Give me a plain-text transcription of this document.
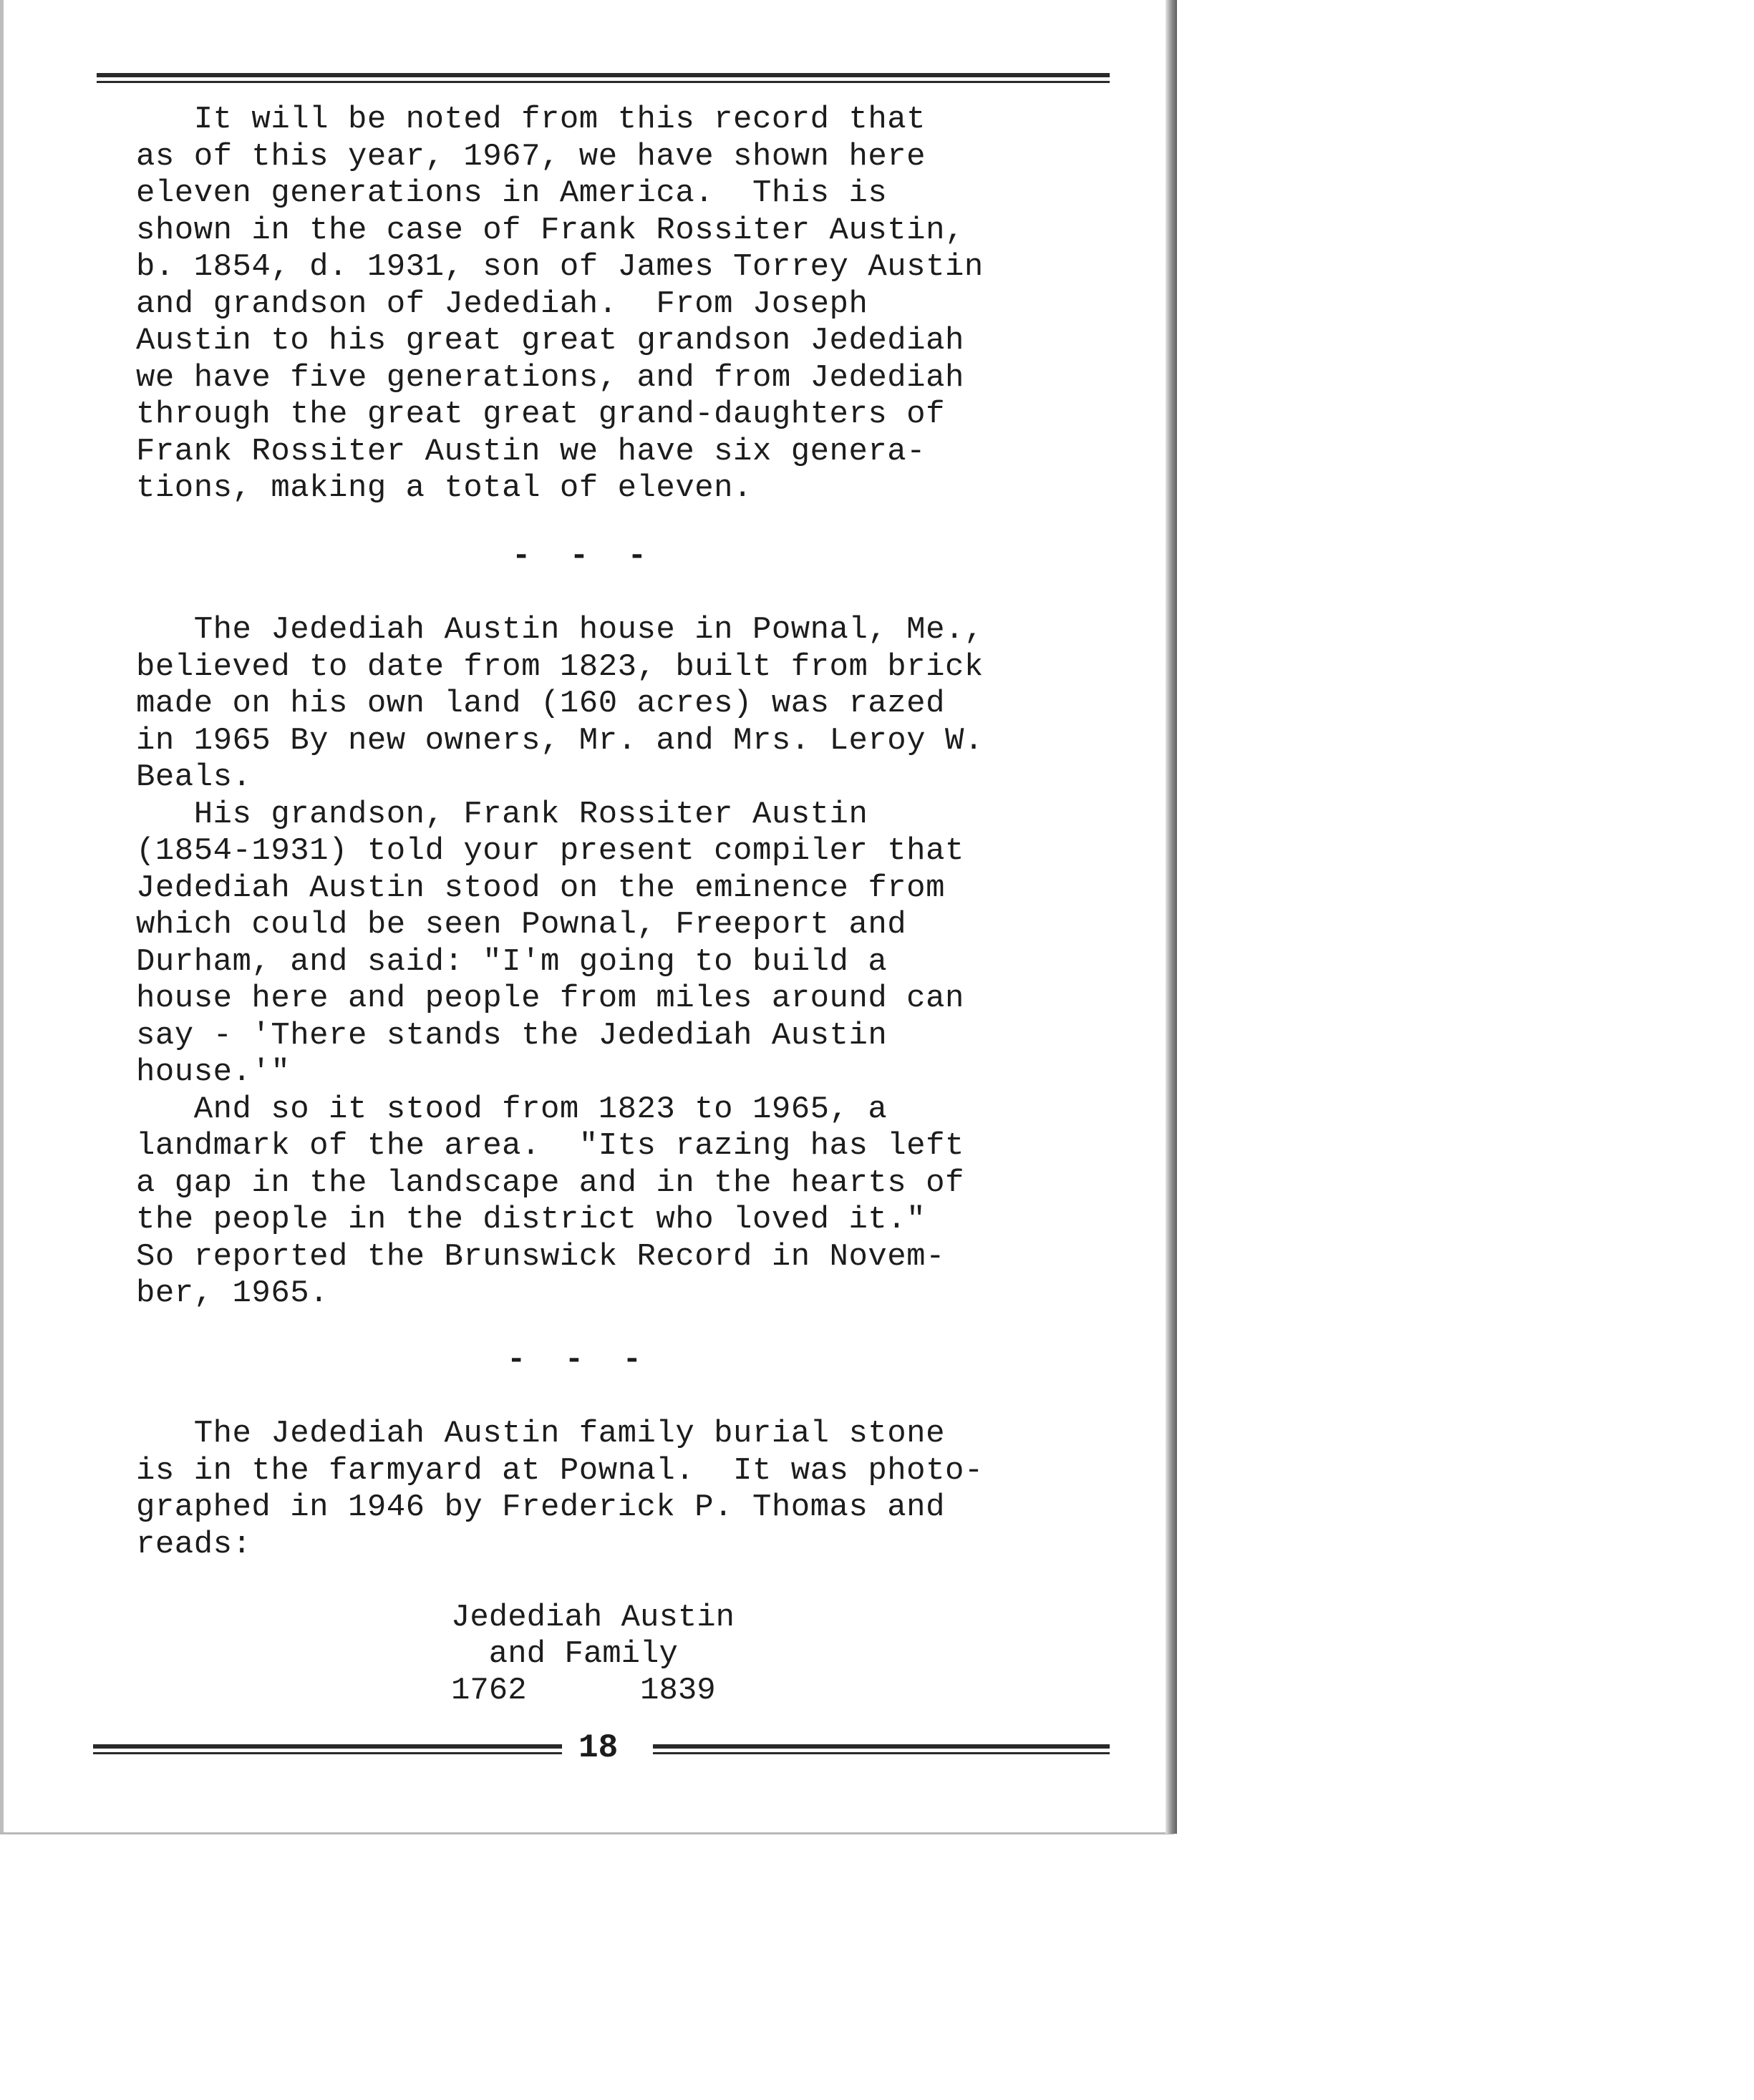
It will be noted from this record that
as of this year, 1967, we have shown here
eleven generations in America.  This is
shown in the case of Frank Rossiter Austin,
b. 1854, d. 1931, son of James Torrey Austin
and grandson of Jedediah.  From Joseph
Austin to his great great grandson Jedediah
we have five generations, and from Jedediah
through the great great grand-daughters of
Frank Rossiter Austin we have six genera-
tions, making a total of eleven.
- - -
The Jedediah Austin house in Pownal, Me.,
believed to date from 1823, built from brick
made on his own land (160 acres) was razed
in 1965 By new owners, Mr. and Mrs. Leroy W.
Beals.
His grandson, Frank Rossiter Austin
(1854-1931) told your present compiler that
Jedediah Austin stood on the eminence from
which could be seen Pownal, Freeport and
Durham, and said: "I'm going to build a
house here and people from miles around can
say - 'There stands the Jedediah Austin
house.'"
And so it stood from 1823 to 1965, a
landmark of the area.  "Its razing has left
a gap in the landscape and in the hearts of
the people in the district who loved it."
So reported the Brunswick Record in Novem-
ber, 1965.
- - -
The Jedediah Austin family burial stone
is in the farmyard at Pownal.  It was photo-
graphed in 1946 by Frederick P. Thomas and
reads:
Jedediah Austin
and Family
1762      1839
18
